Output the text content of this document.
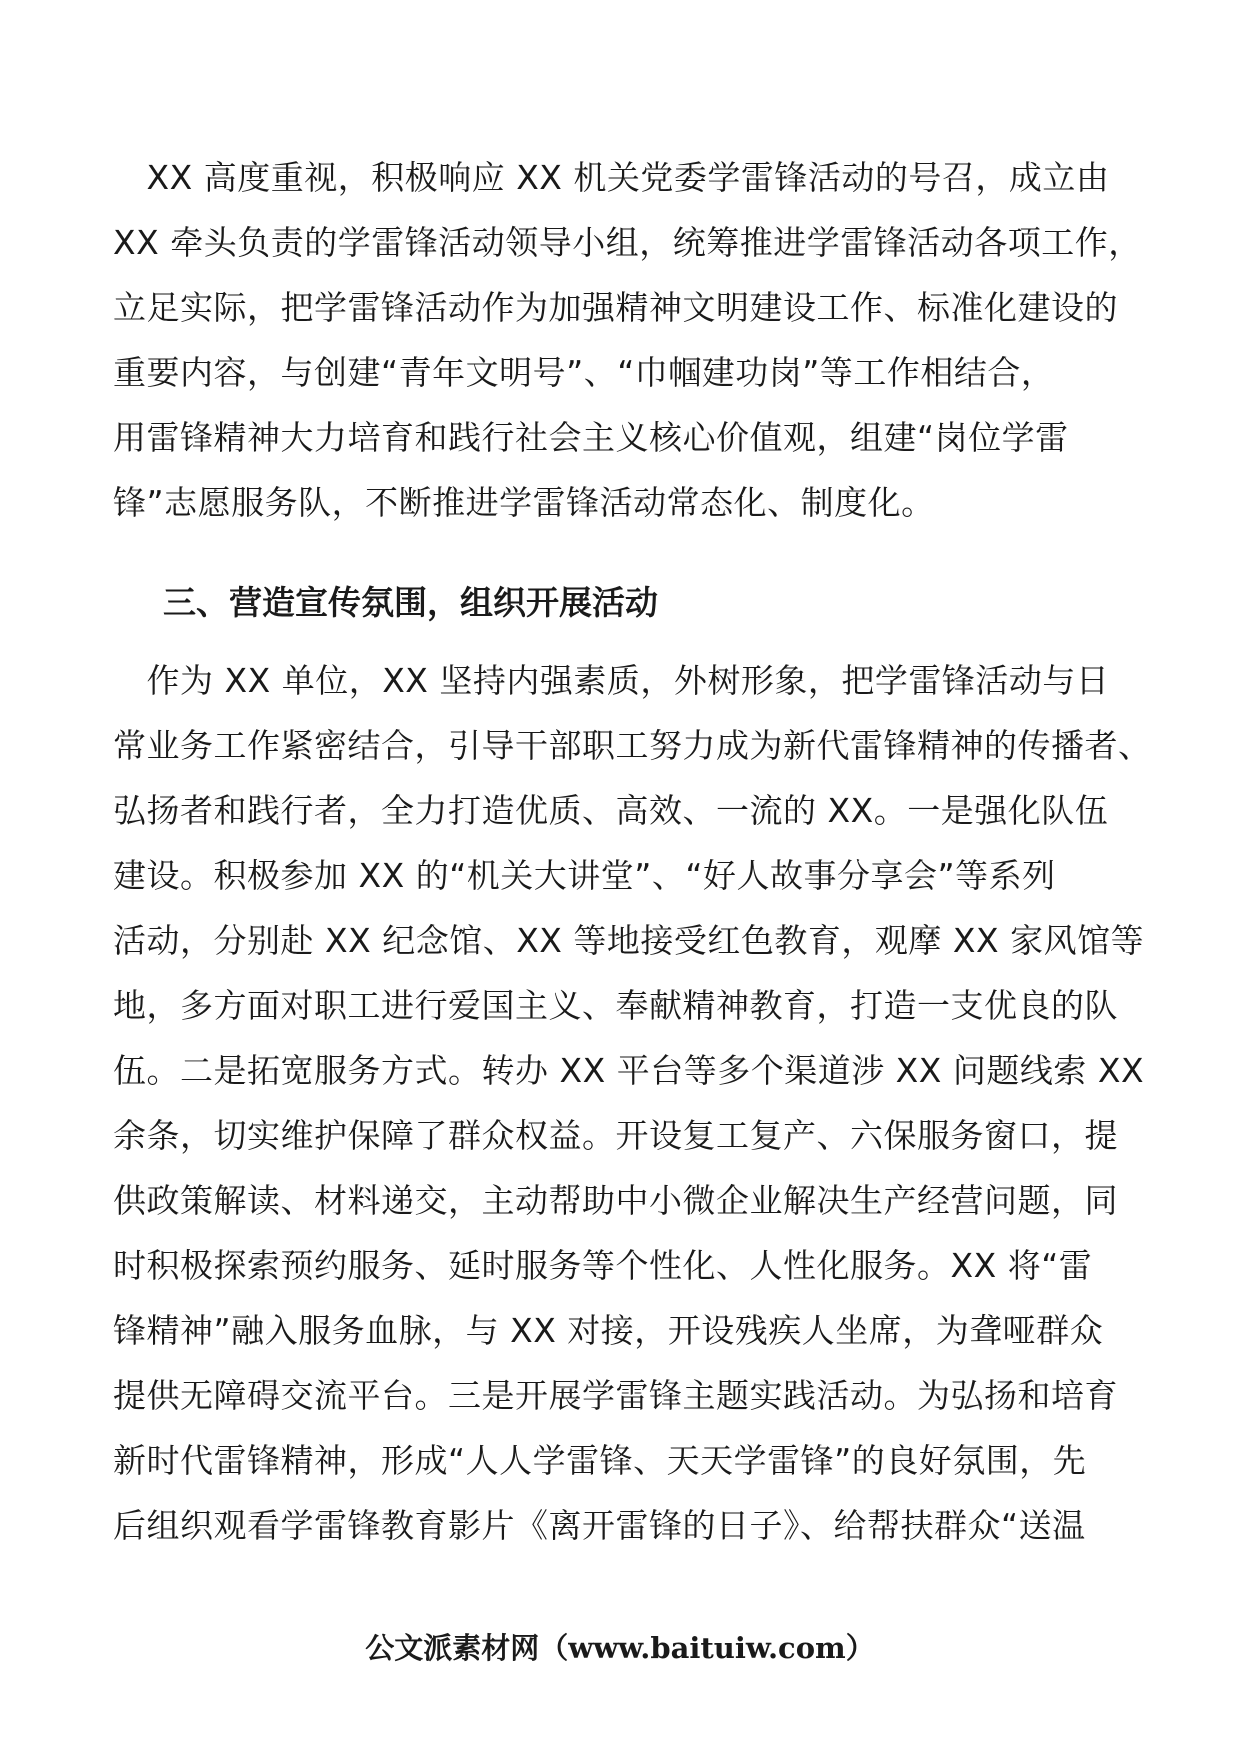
　XX 高度重视，积极响应 XX 机关党委学雷锋活动的号召，成立由
XX 牵头负责的学雷锋活动领导小组，统筹推进学雷锋活动各项工作，
立足实际，把学雷锋活动作为加强精神文明建设工作、标准化建设的
重要内容，与创建“青年文明号”、“巾帼建功岗”等工作相结合，
用雷锋精神大力培育和践行社会主义核心价值观，组建“岗位学雷
锋”志愿服务队，不断推进学雷锋活动常态化、制度化。
三、营造宣传氛围，组织开展活动
　作为 XX 单位，XX 坚持内强素质，外树形象，把学雷锋活动与日
常业务工作紧密结合，引导干部职工努力成为新代雷锋精神的传播者、
弘扬者和践行者，全力打造优质、高效、一流的 XX。一是强化队伍
建设。积极参加 XX 的“机关大讲堂”、“好人故事分享会”等系列
活动，分别赴 XX 纪念馆、XX 等地接受红色教育，观摩 XX 家风馆等
地，多方面对职工进行爱国主义、奉献精神教育，打造一支优良的队
伍。二是拓宽服务方式。转办 XX 平台等多个渠道涉 XX 问题线索 XX
余条，切实维护保障了群众权益。开设复工复产、六保服务窗口，提
供政策解读、材料递交，主动帮助中小微企业解决生产经营问题，同
时积极探索预约服务、延时服务等个性化、人性化服务。XX 将“雷
锋精神”融入服务血脉，与 XX 对接，开设残疾人坐席，为聋哑群众
提供无障碍交流平台。三是开展学雷锋主题实践活动。为弘扬和培育
新时代雷锋精神，形成“人人学雷锋、天天学雷锋”的良好氛围，先
后组织观看学雷锋教育影片《离开雷锋的日子》、给帮扶群众“送温
公文派素材网（www.baituiw.com）
